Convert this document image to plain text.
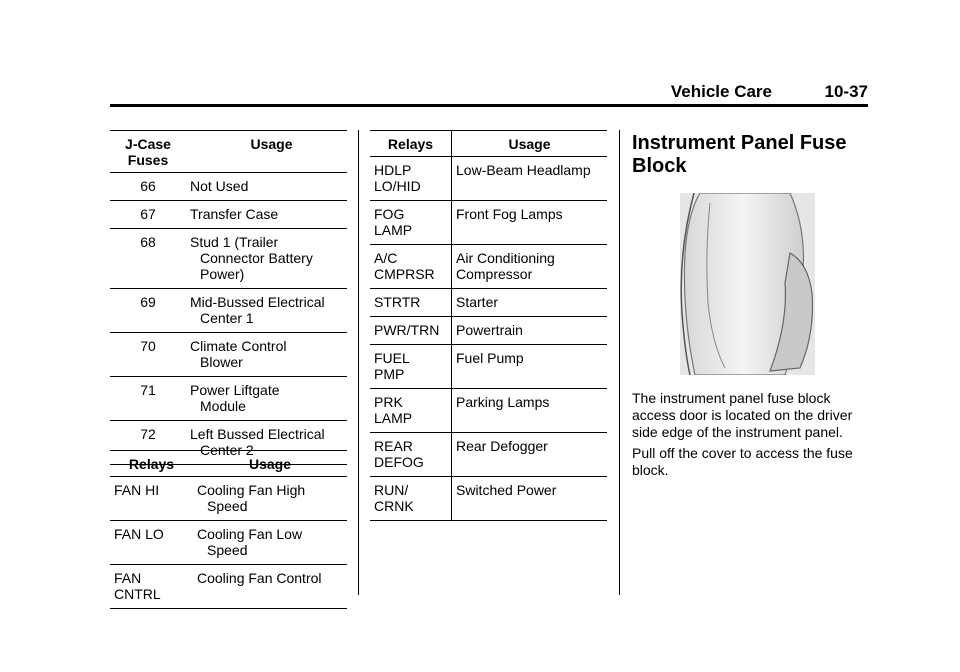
Vehicle Care	10-37
J-Case Fuses	Usage
66	Not Used

67	Transfer Case

68	Stud 1 (Trailer
Connector Battery
Power)

69	Mid-Bussed Electrical
Center 1

70	Climate Control
Blower

71	Power Liftgate
Module

72	Left Bussed Electrical
Center 2
Relays	Usage

FAN HI	Cooling Fan High
Speed

FAN LO	Cooling Fan Low
Speed

FAN
CNTRL	Cooling Fan Control
Relays	Usage

HDLP
LO/HID	Low-Beam Headlamp

FOG
LAMP	Front Fog Lamps

A/C
CMPRSR	Air Conditioning
Compressor

STRTR	Starter

PWR/TRN	Powertrain

FUEL
PMP	Fuel Pump

PRK
LAMP	Parking Lamps

REAR
DEFOG	Rear Defogger

RUN/
CRNK	Switched Power
Instrument Panel Fuse
Block
The instrument panel fuse block access door is located on the driver side edge of the instrument panel.
Pull off the cover to access the fuse block.
